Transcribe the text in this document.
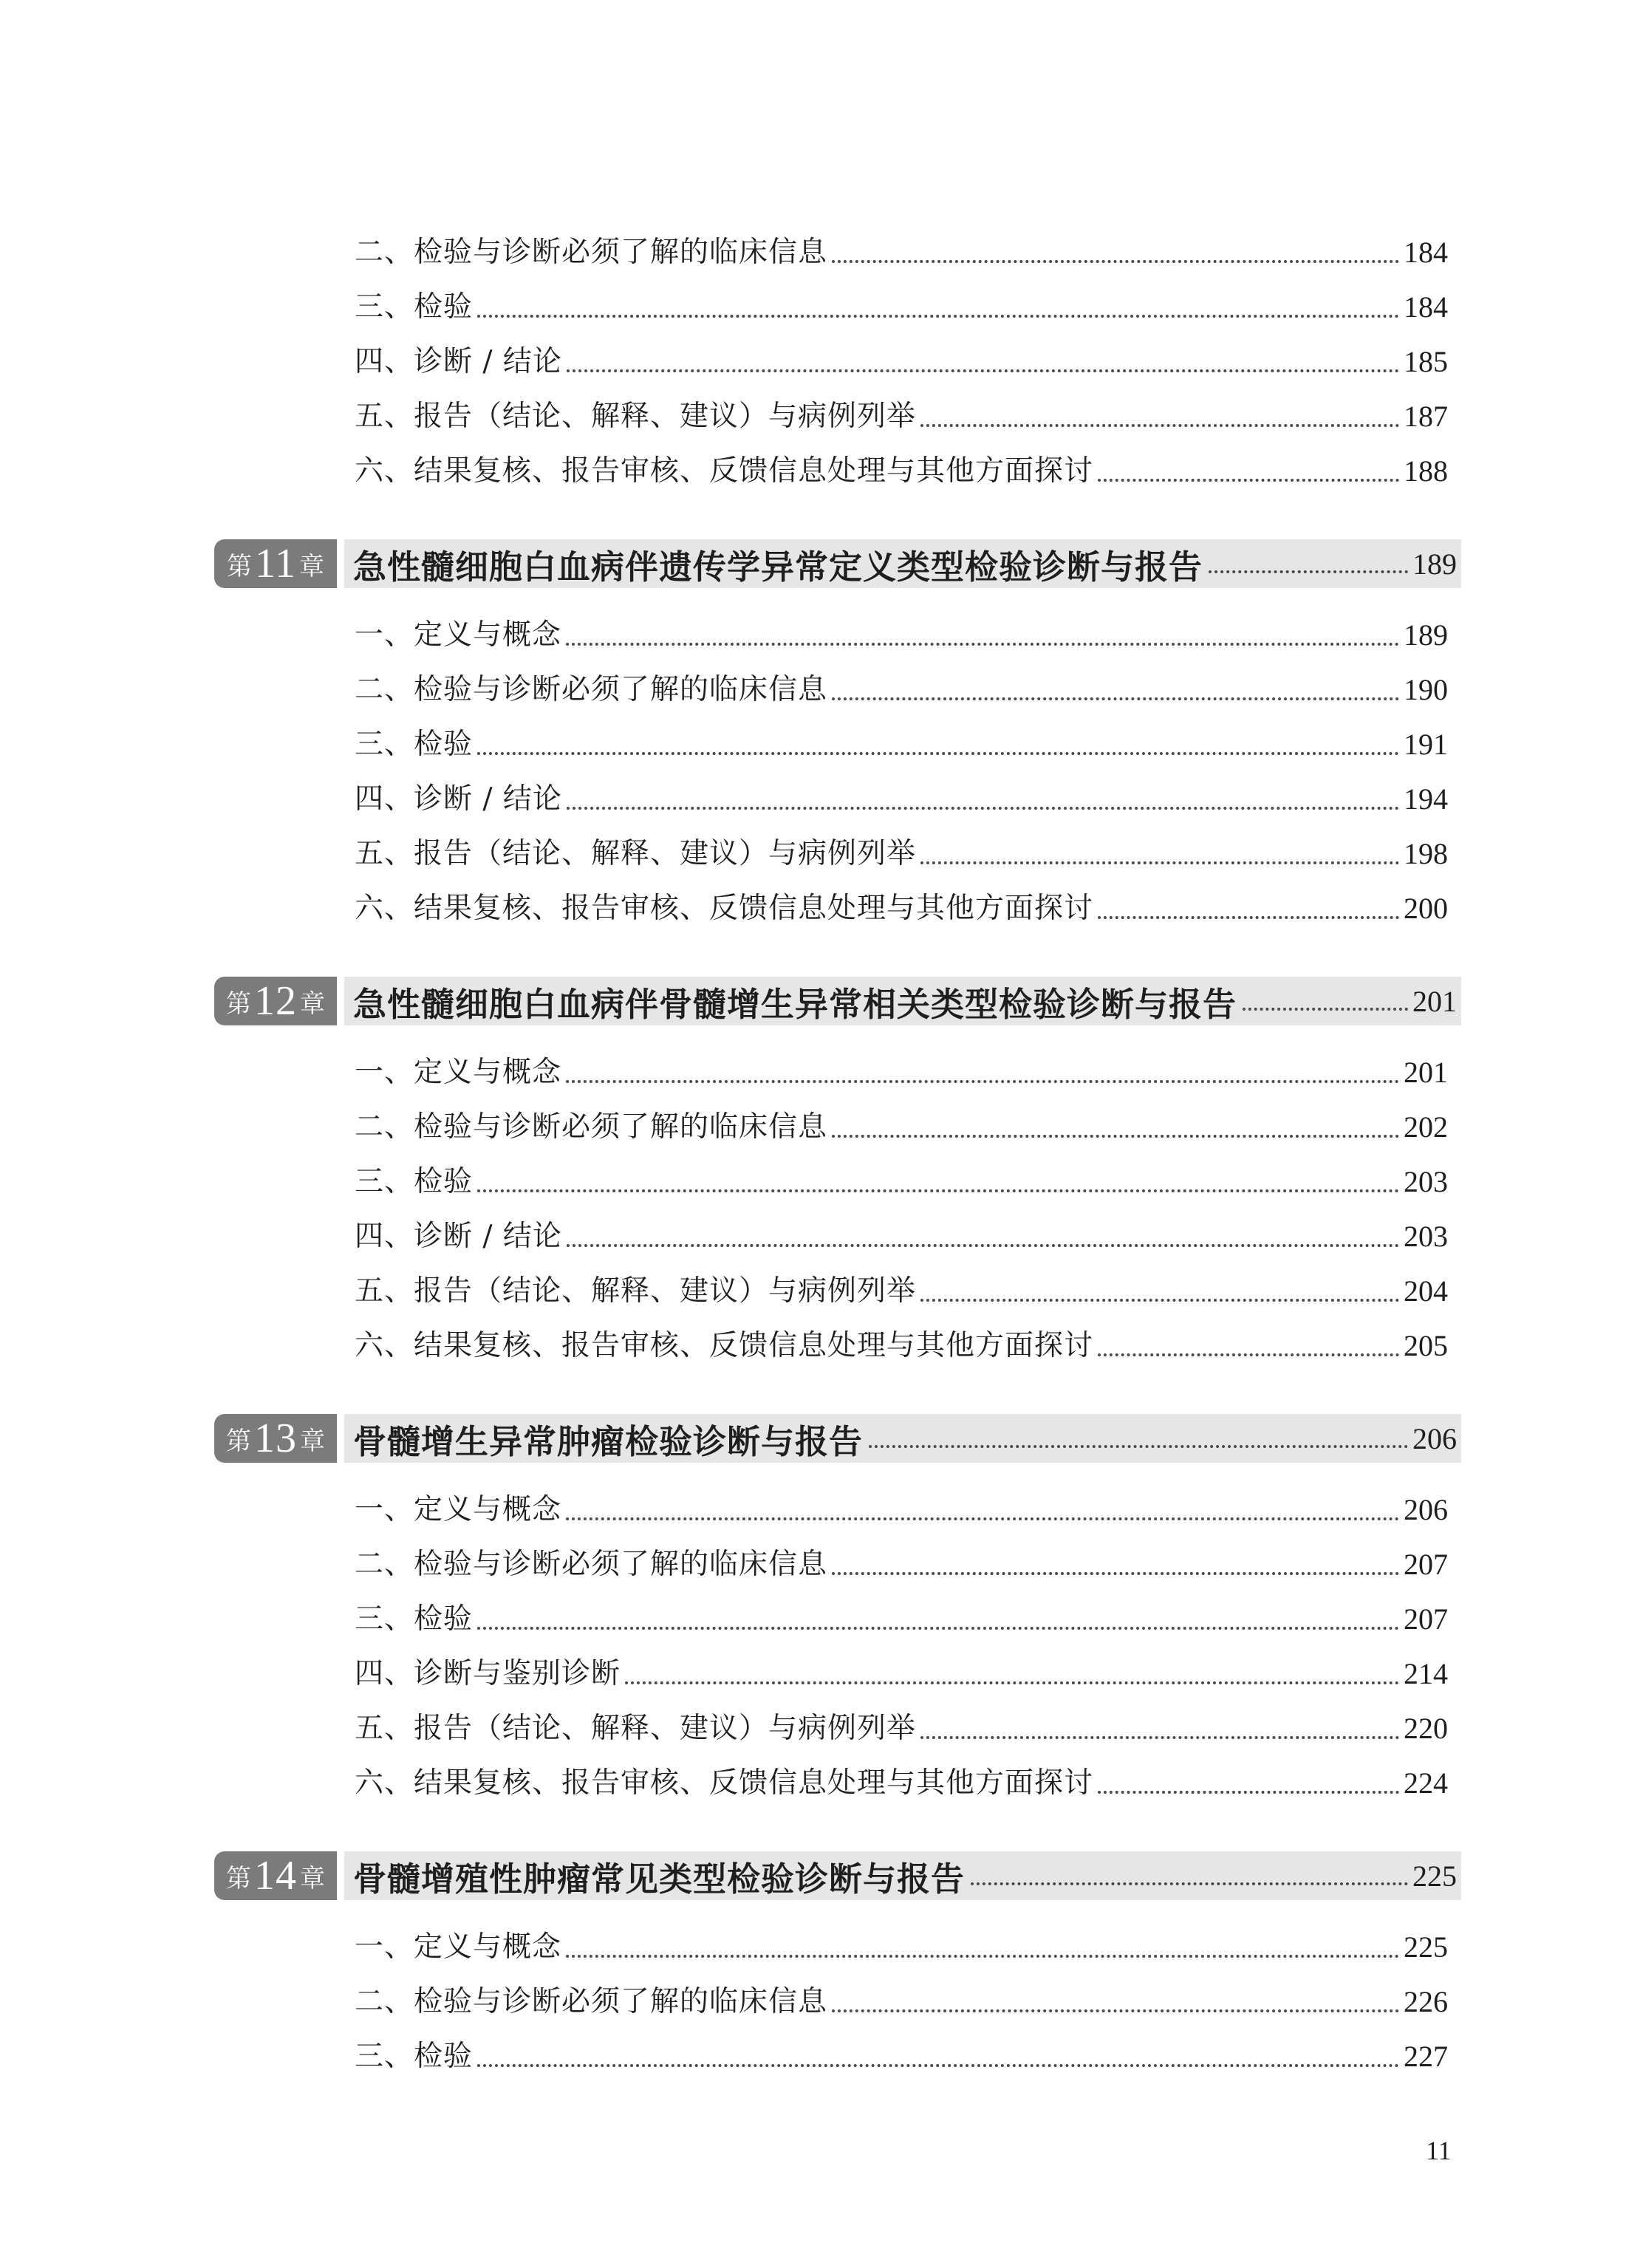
二、检验与诊断必须了解的临床信息	184
三、检验	184
四、诊断 / 结论	185
五、报告（结论、解释、建议）与病例列举	187
六、结果复核、报告审核、反馈信息处理与其他方面探讨	188
第 11 章 急性髓细胞白血病伴遗传学异常定义类型检验诊断与报告	189
一、定义与概念	189
二、检验与诊断必须了解的临床信息	190
三、检验	191
四、诊断 / 结论	194
五、报告（结论、解释、建议）与病例列举	198
六、结果复核、报告审核、反馈信息处理与其他方面探讨	200
第 12 章 急性髓细胞白血病伴骨髓增生异常相关类型检验诊断与报告	201
一、定义与概念	201
二、检验与诊断必须了解的临床信息	202
三、检验	203
四、诊断 / 结论	203
五、报告（结论、解释、建议）与病例列举	204
六、结果复核、报告审核、反馈信息处理与其他方面探讨	205
第 13 章 骨髓增生异常肿瘤检验诊断与报告	206
一、定义与概念	206
二、检验与诊断必须了解的临床信息	207
三、检验	207
四、诊断与鉴别诊断	214
五、报告（结论、解释、建议）与病例列举	220
六、结果复核、报告审核、反馈信息处理与其他方面探讨	224
第 14 章 骨髓增殖性肿瘤常见类型检验诊断与报告	225
一、定义与概念	225
二、检验与诊断必须了解的临床信息	226
三、检验	227
11
